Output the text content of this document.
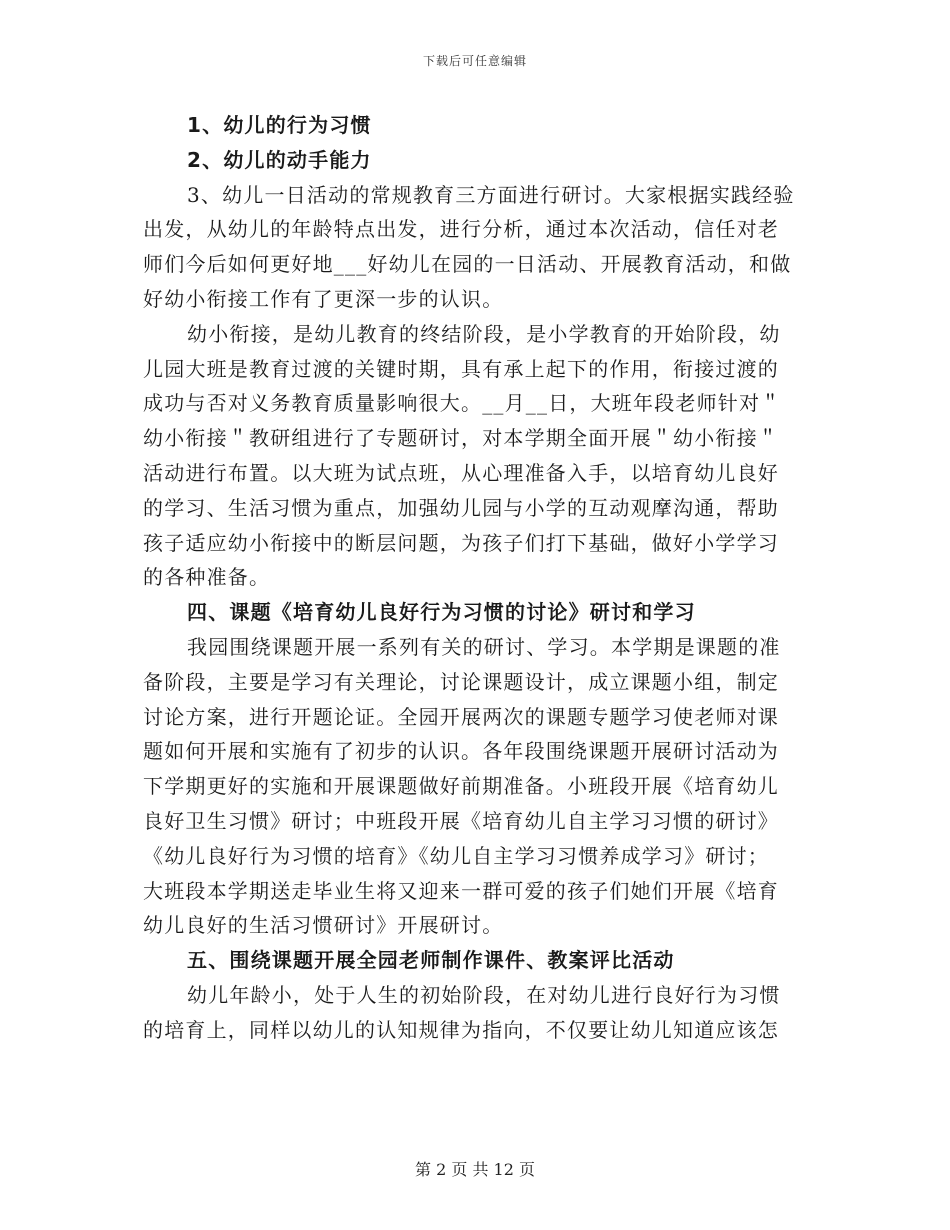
下载后可任意编辑
1、幼儿的行为习惯
2、幼儿的动手能力
3、幼儿一日活动的常规教育三方面进行研讨。大家根据实践经验
出发，从幼儿的年龄特点出发，进行分析，通过本次活动，信任对老
师们今后如何更好地___好幼儿在园的一日活动、开展教育活动，和做
好幼小衔接工作有了更深一步的认识。
幼小衔接，是幼儿教育的终结阶段，是小学教育的开始阶段，幼
儿园大班是教育过渡的关键时期，具有承上起下的作用，衔接过渡的
成功与否对义务教育质量影响很大。__月__日，大班年段老师针对＂
幼小衔接＂教研组进行了专题研讨，对本学期全面开展＂幼小衔接＂
活动进行布置。以大班为试点班，从心理准备入手，以培育幼儿良好
的学习、生活习惯为重点，加强幼儿园与小学的互动观摩沟通，帮助
孩子适应幼小衔接中的断层问题，为孩子们打下基础，做好小学学习
的各种准备。
四、课题《培育幼儿良好行为习惯的讨论》研讨和学习
我园围绕课题开展一系列有关的研讨、学习。本学期是课题的准
备阶段，主要是学习有关理论，讨论课题设计，成立课题小组，制定
讨论方案，进行开题论证。全园开展两次的课题专题学习使老师对课
题如何开展和实施有了初步的认识。各年段围绕课题开展研讨活动为
下学期更好的实施和开展课题做好前期准备。小班段开展《培育幼儿
良好卫生习惯》研讨；中班段开展《培育幼儿自主学习习惯的研讨》
《幼儿良好行为习惯的培育》《幼儿自主学习习惯养成学习》研讨；
大班段本学期送走毕业生将又迎来一群可爱的孩子们她们开展《培育
幼儿良好的生活习惯研讨》开展研讨。
五、围绕课题开展全园老师制作课件、教案评比活动
幼儿年龄小，处于人生的初始阶段，在对幼儿进行良好行为习惯
的培育上，同样以幼儿的认知规律为指向，不仅要让幼儿知道应该怎
第 2 页 共 12 页
